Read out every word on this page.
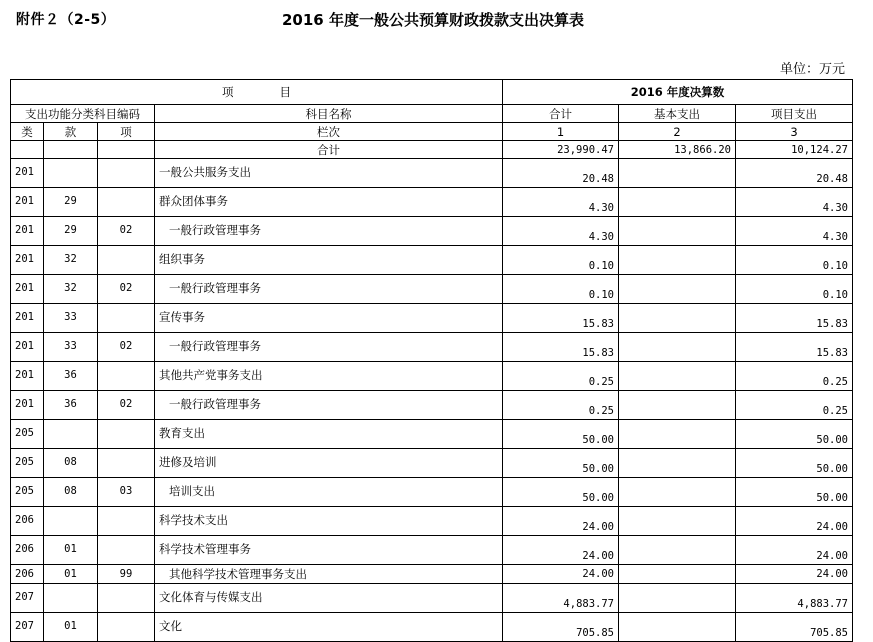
附件２（2-5）	2016 年度一般公共预算财政拨款支出决算表
单位：万元
项　　　　目				2016 年度决算数		
支出功能分类科目编码			科目名称	合计	基本支出	项目支出
类	款	项	栏次	1	2	3
			合计	23,990.47	13,866.20	10,124.27
201			一般公共服务支出	20.48		20.48
201	29		群众团体事务	4.30		4.30
201	29	02	一般行政管理事务	4.30		4.30
201	32		组织事务	0.10		0.10
201	32	02	一般行政管理事务	0.10		0.10
201	33		宣传事务	15.83		15.83
201	33	02	一般行政管理事务	15.83		15.83
201	36		其他共产党事务支出	0.25		0.25
201	36	02	一般行政管理事务	0.25		0.25
205			教育支出	50.00		50.00
205	08		进修及培训	50.00		50.00
205	08	03	培训支出	50.00		50.00
206			科学技术支出	24.00		24.00
206	01		科学技术管理事务	24.00		24.00
206	01	99	其他科学技术管理事务支出	24.00		24.00
207			文化体育与传媒支出	4,883.77		4,883.77
207	01		文化	705.85		705.85
